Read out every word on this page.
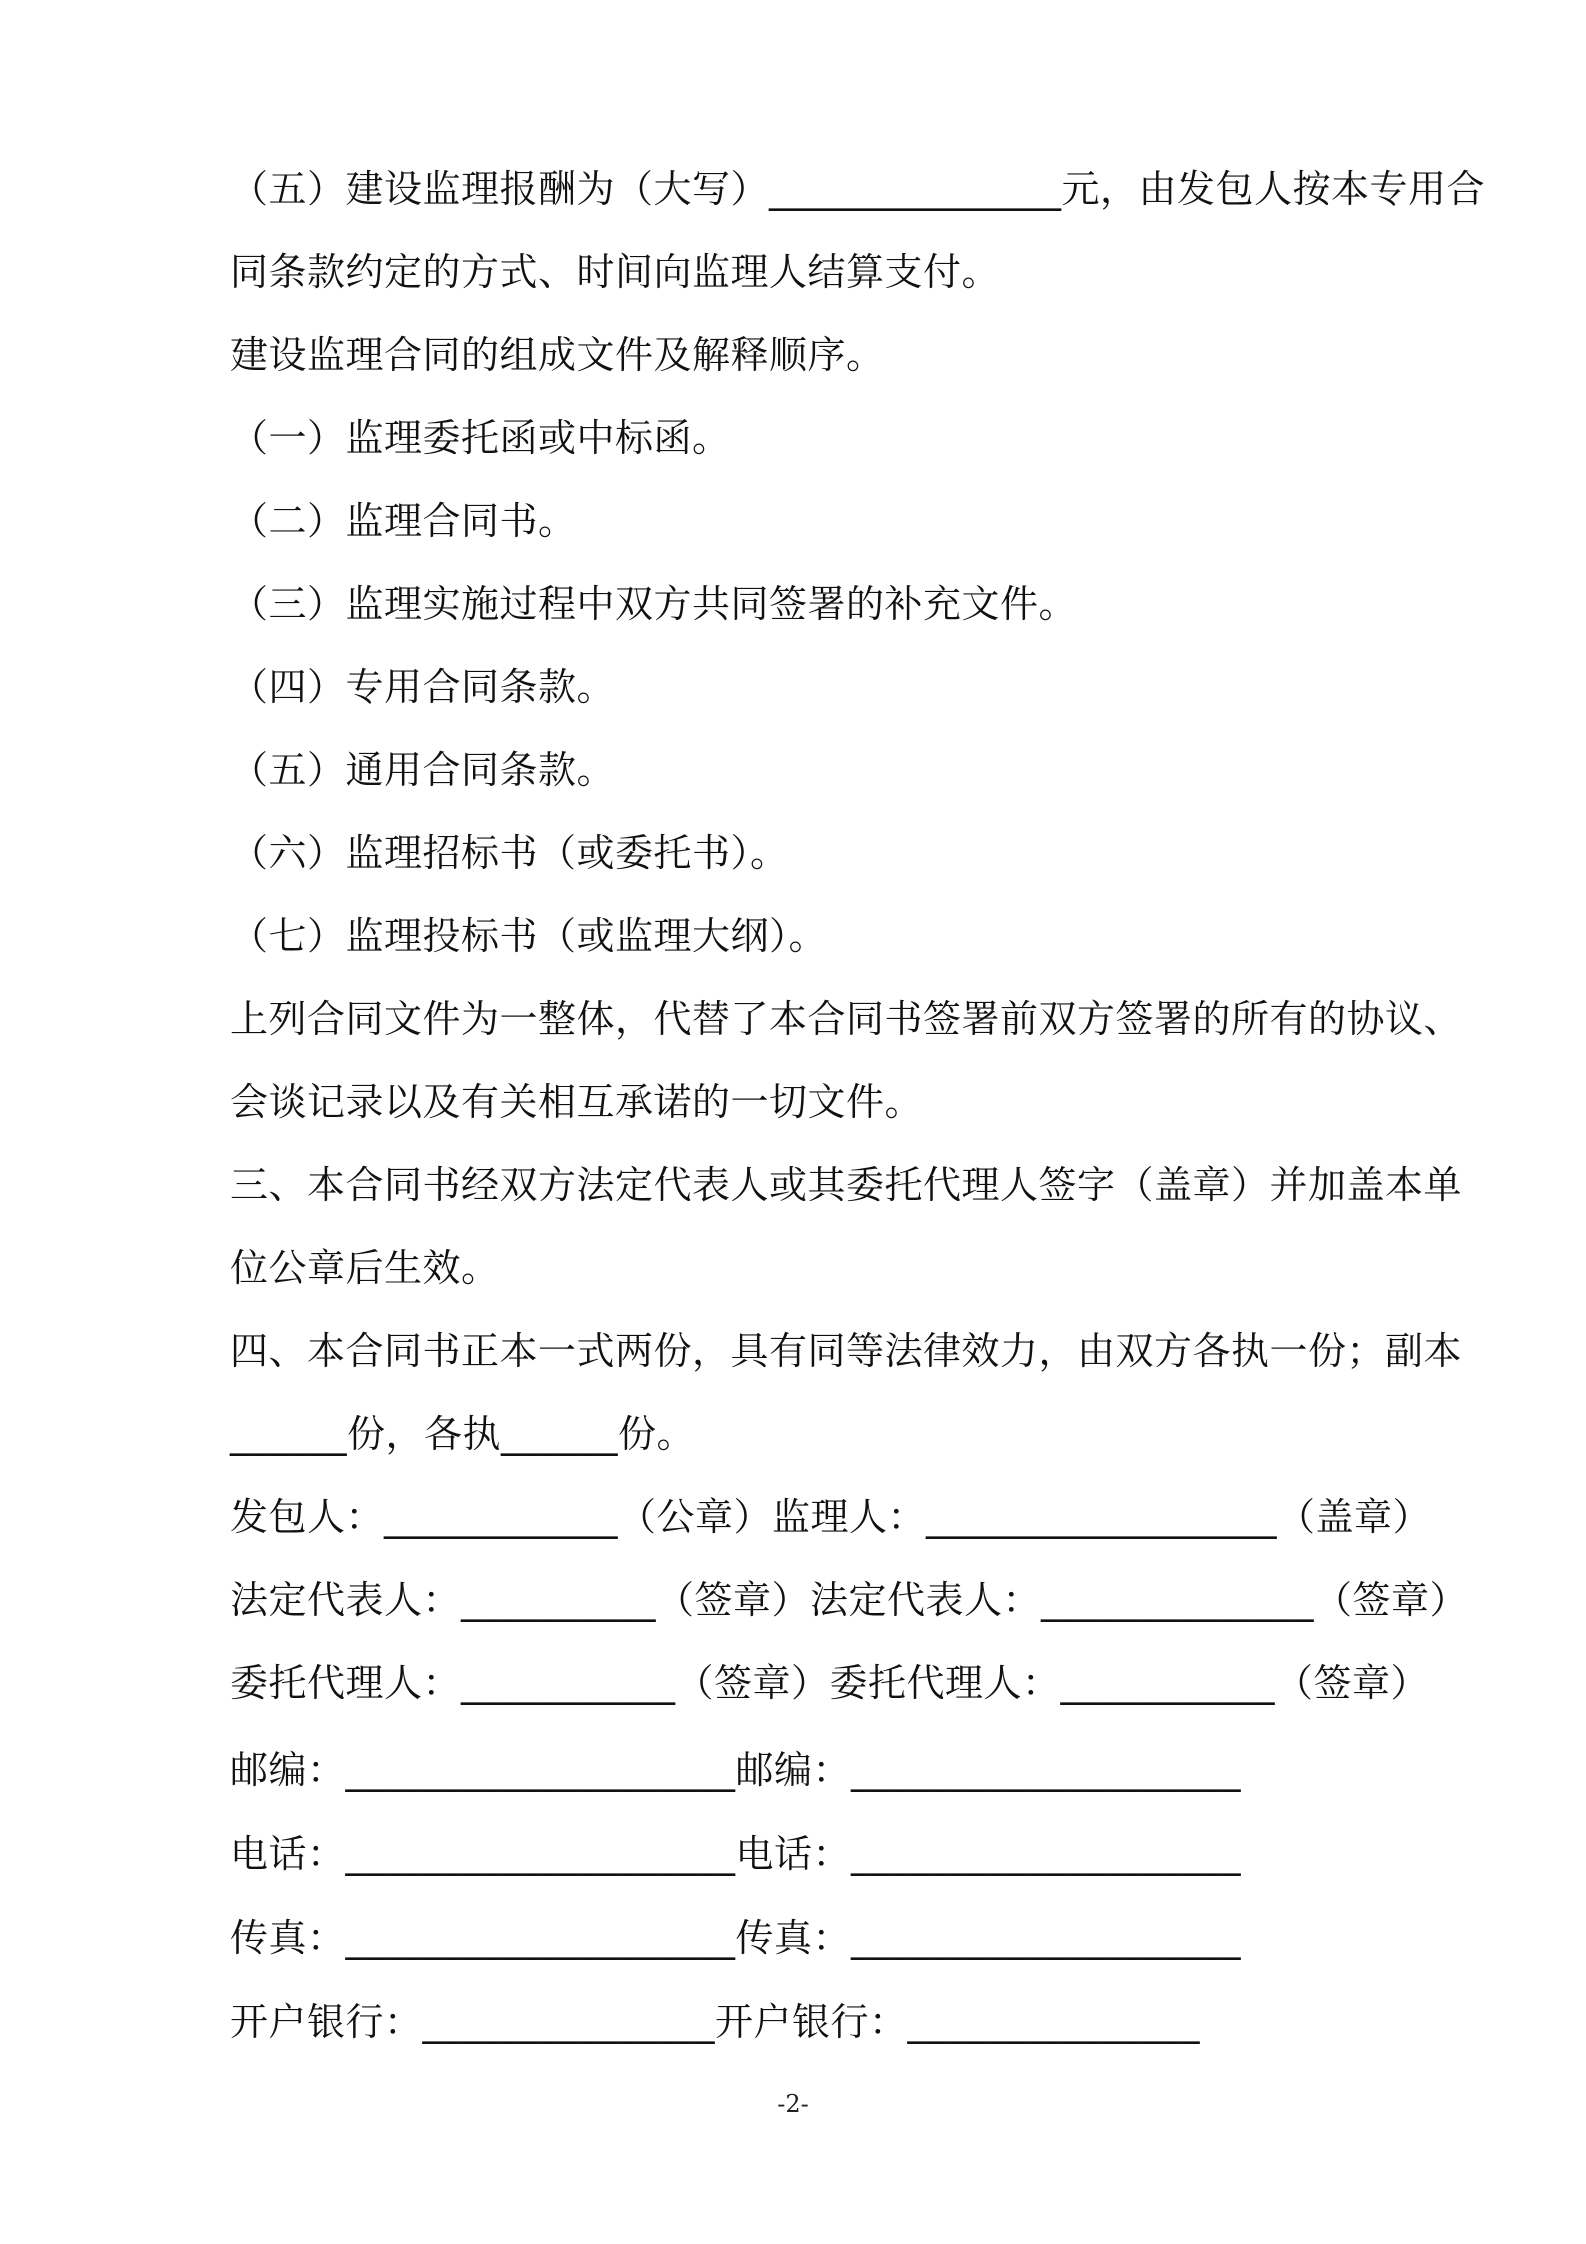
（五）建设监理报酬为（大写）_______________元，由发包人按本专用合
同条款约定的方式、时间向监理人结算支付。
建设监理合同的组成文件及解释顺序。
（一）监理委托函或中标函。
（二）监理合同书。
（三）监理实施过程中双方共同签署的补充文件。
（四）专用合同条款。
（五）通用合同条款。
（六）监理招标书（或委托书）。
（七）监理投标书（或监理大纲）。
上列合同文件为一整体，代替了本合同书签署前双方签署的所有的协议、
会谈记录以及有关相互承诺的一切文件。
三、本合同书经双方法定代表人或其委托代理人签字（盖章）并加盖本单
位公章后生效。
四、本合同书正本一式两份，具有同等法律效力，由双方各执一份；副本
______份，各执______份。
发包人：____________（公章）监理人：__________________（盖章）
法定代表人：__________（签章）法定代表人：______________（签章）
委托代理人：___________（签章）委托代理人：___________（签章）
邮编：____________________邮编：____________________
电话：____________________电话：____________________
传真：____________________传真：____________________
开户银行：_______________开户银行：_______________
-2-
